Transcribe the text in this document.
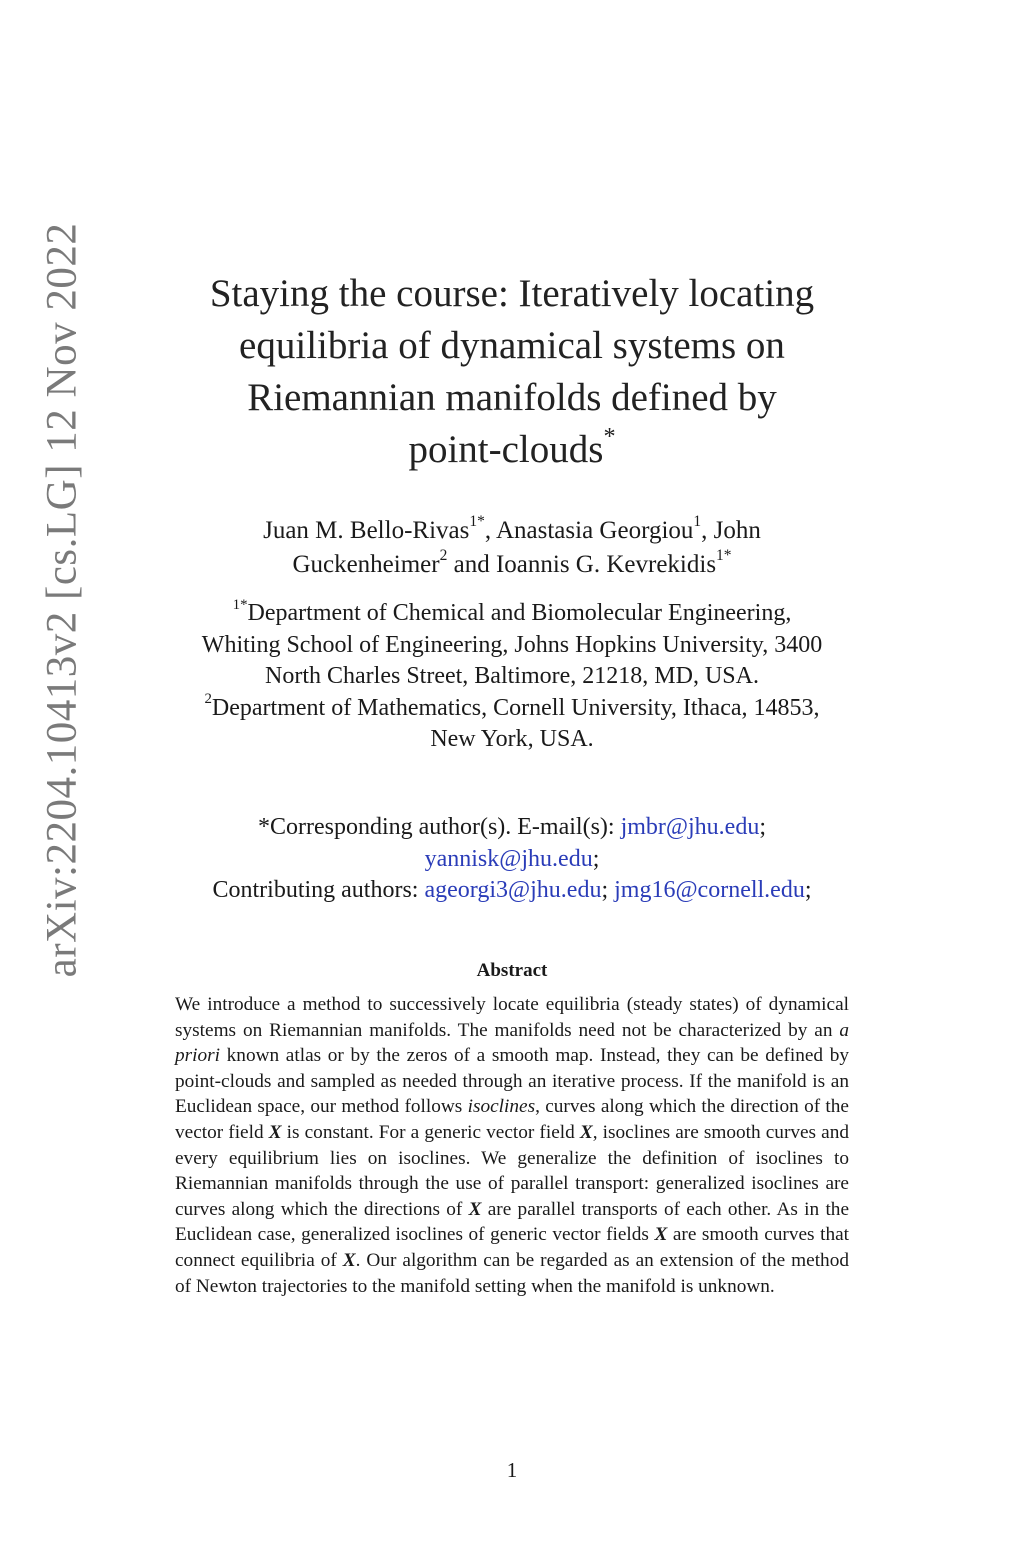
arXiv:2204.10413v2 [cs.LG] 12 Nov 2022	Staying the course: Iteratively locating
equilibria of dynamical systems on
Riemannian manifolds defined by
point-clouds*
Juan M. Bello-Rivas$^{1*}$, Anastasia Georgiou$^1$, John
Guckenheimer$^2$ and Ioannis G. Kevrekidis$^{1*}$
$^{1*}$Department of Chemical and Biomolecular Engineering,
Whiting School of Engineering, Johns Hopkins University, 3400
North Charles Street, Baltimore, 21218, MD, USA.
$^2$Department of Mathematics, Cornell University, Ithaca, 14853,
New York, USA.
*Corresponding author(s). E-mail(s): jmbr@jhu.edu;
yannisk@jhu.edu;
Contributing authors: ageorgi3@jhu.edu; jmg16@cornell.edu;
Abstract

We introduce a method to successively locate equilibria (steady states) of dynamical systems on Riemannian manifolds. The manifolds need not be characterized by an a priori known atlas or by the zeros of a smooth map. Instead, they can be defined by point-clouds and sampled as needed through an iterative process. If the manifold is an Euclidean space, our method follows isoclines, curves along which the direction of the vector field X is constant. For a generic vector field X, isoclines are smooth curves and every equilibrium lies on isoclines. We generalize the definition of isoclines to Riemannian manifolds through the use of parallel transport: generalized isoclines are curves along which the directions of X are parallel transports of each other. As in the Euclidean case, generalized isoclines of generic vector fields X are smooth curves that connect equilibria of X. Our algorithm can be regarded as an extension of the method of Newton trajectories to the manifold setting when the manifold is unknown.

1
